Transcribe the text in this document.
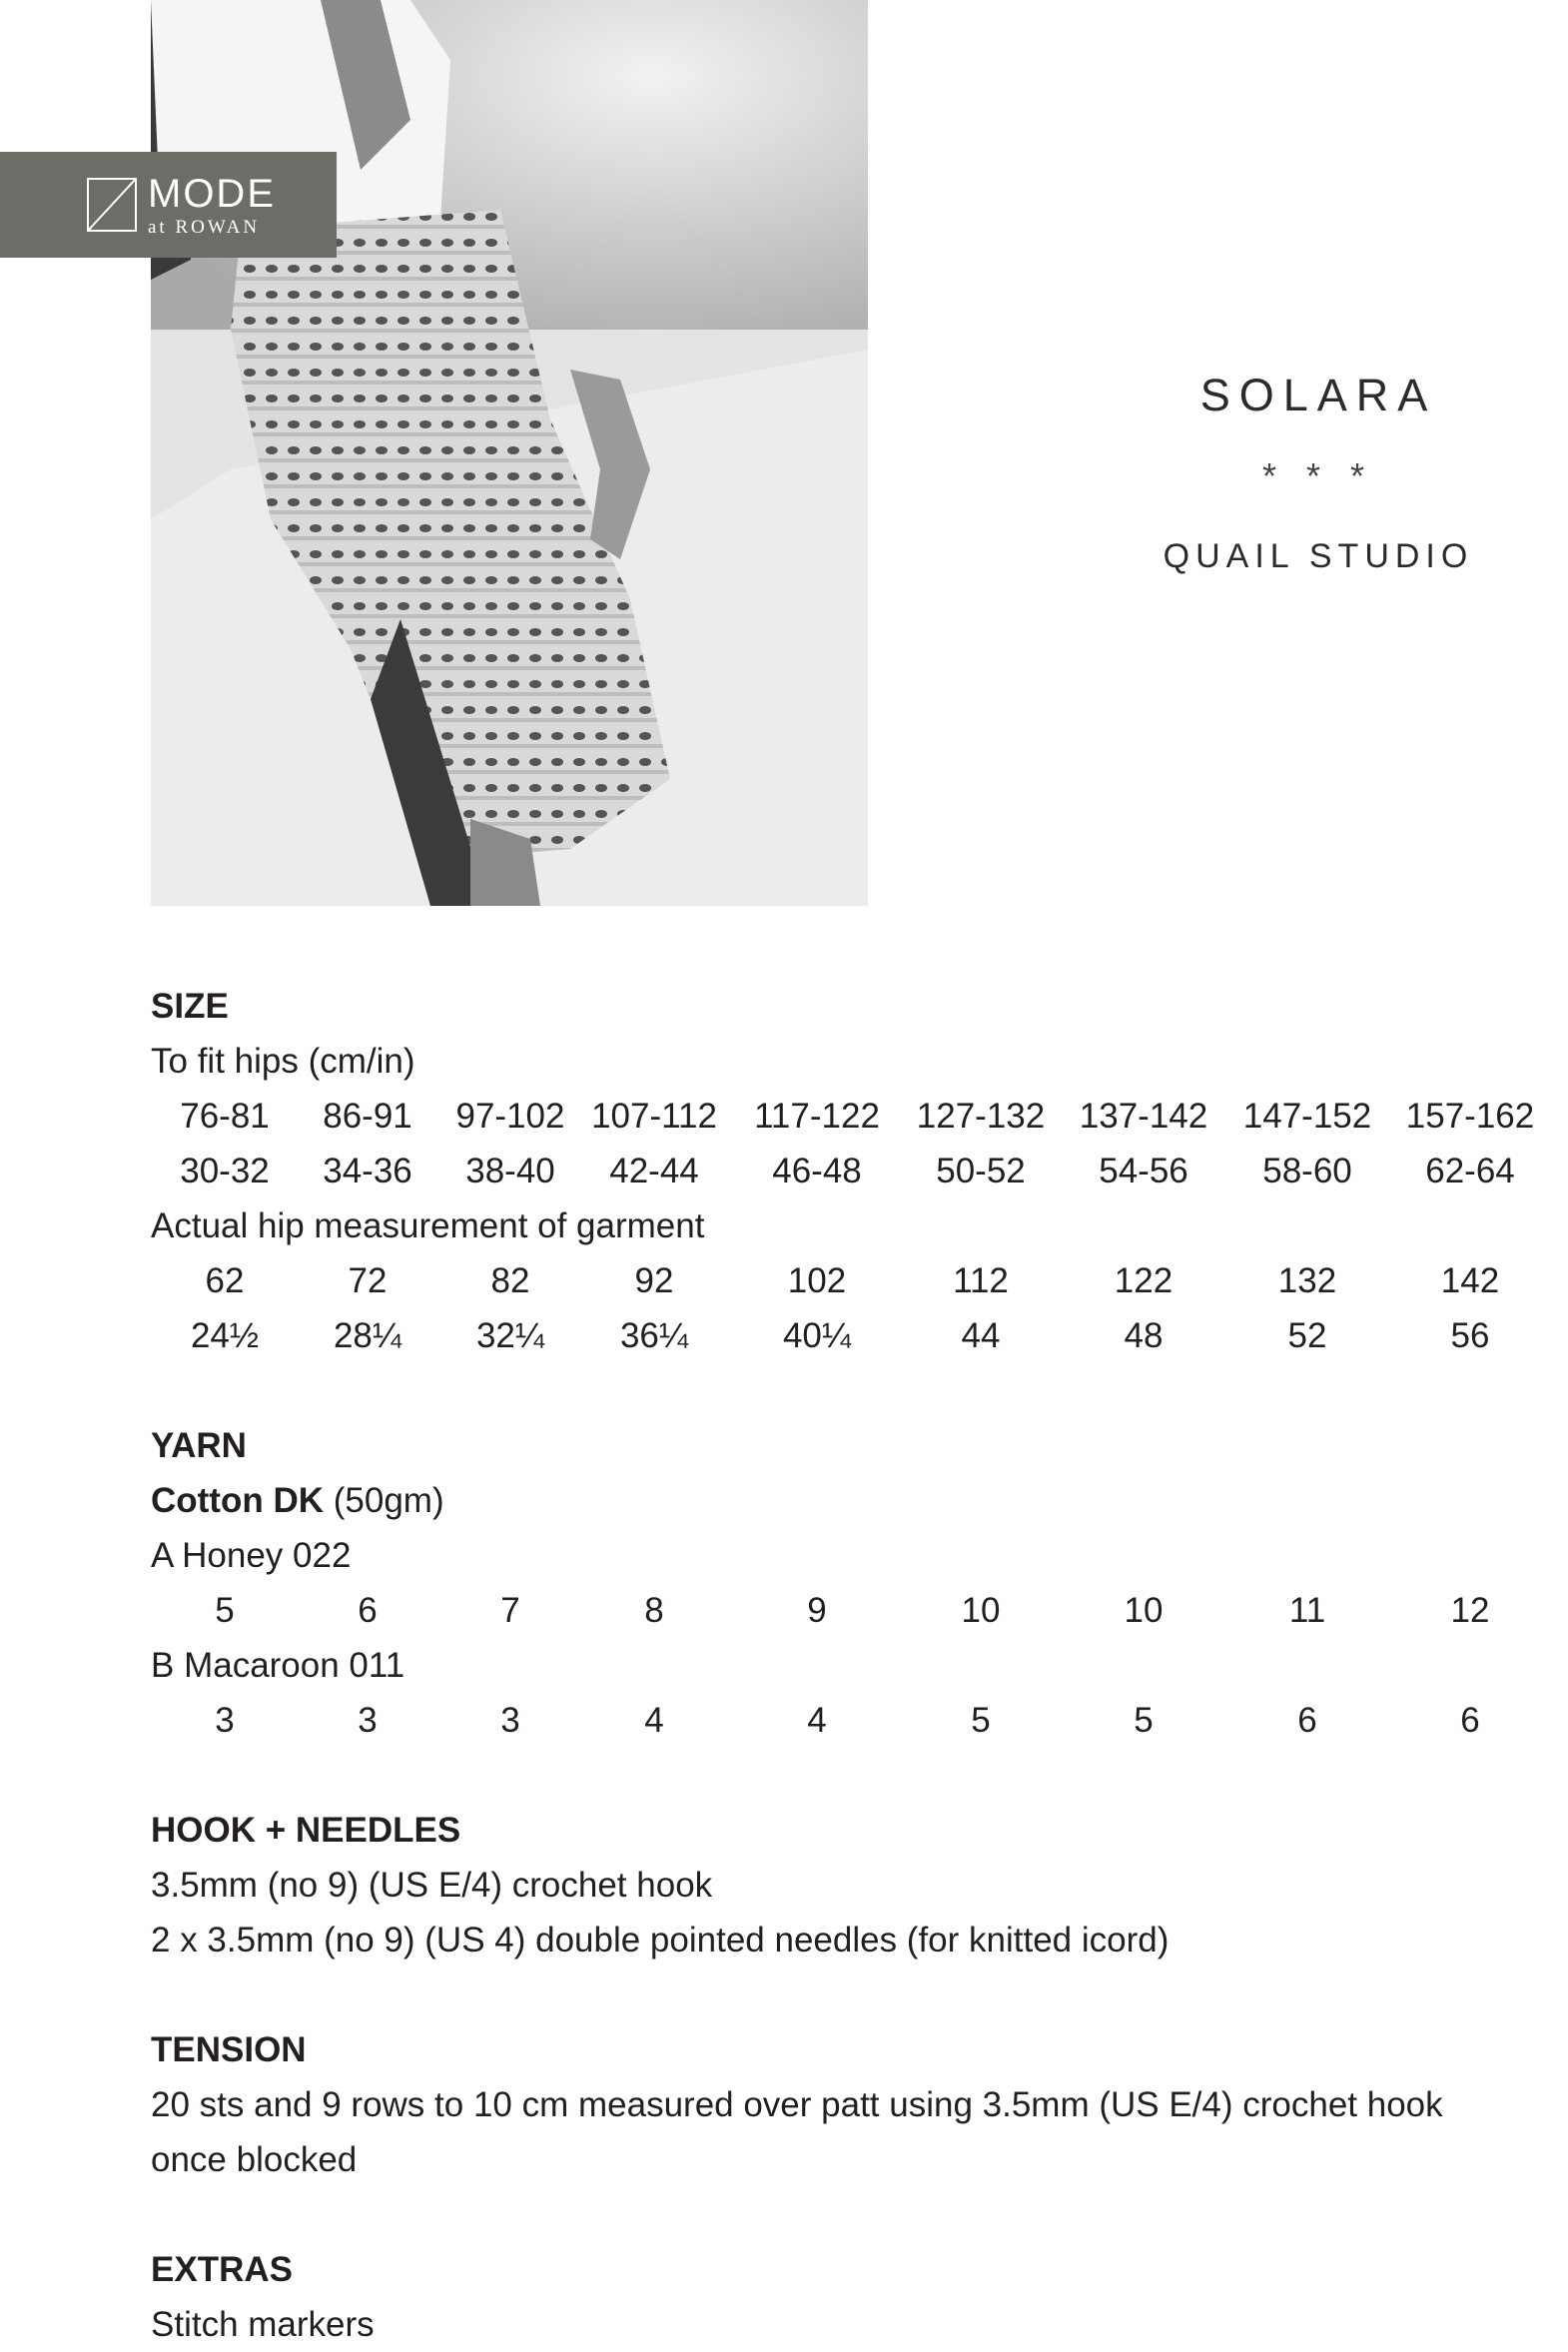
MODE
at ROWAN
SOLARA
* * *
QUAIL STUDIO
SIZE
To fit hips (cm/in)
76-81	86-91	97-102 107-112	117-122	127-132 137-142	147-152 157-162
30-32	34-36	38-40	42-44	46-48	50-52	54-56	58-60	62-64
Actual hip measurement of garment
62	72	82	92	102	112	122	132	142
24½	28¼	32¼	36¼	40¼	44	48	52	56
YARN
Cotton DK (50gm)
A Honey 022
5	6	7	8	9	10	10	11	12
B Macaroon 011
3	3	3	4	4	5	5	6	6
HOOK + NEEDLES
3.5mm (no 9) (US E/4) crochet hook
2 x 3.5mm (no 9) (US 4) double pointed needles (for knitted icord)
TENSION
20 sts and 9 rows to 10 cm measured over patt using 3.5mm (US E/4) crochet hook
once blocked
EXTRAS
Stitch markers
